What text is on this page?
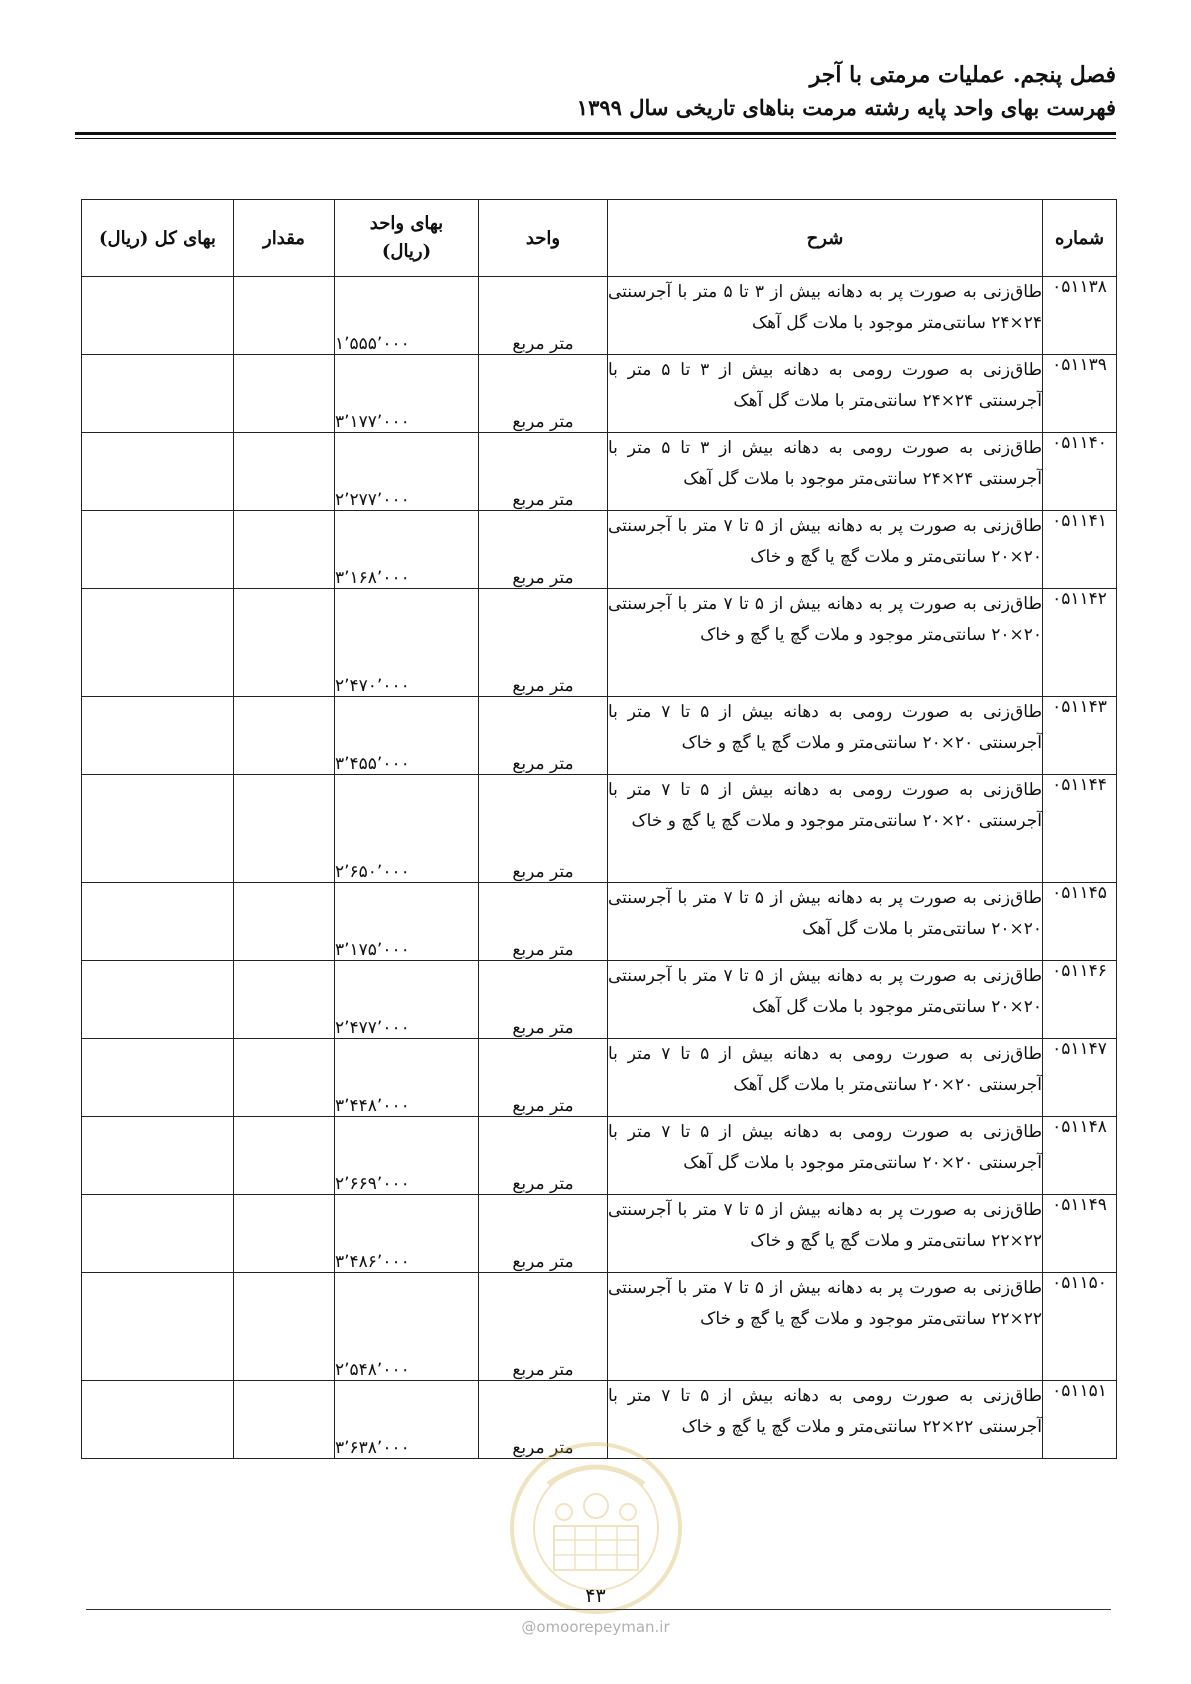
فصل پنجم. عملیات مرمتی با آجر
فهرست بهای واحد پایه رشته مرمت بناهای تاریخی سال ۱۳۹۹
شماره	شرح	واحد	بهای واحد
(ریال)	مقدار	بهای کل (ریال)
۰۵۱۱۳۸	طاق‌زنی به صورت پر به دهانه بیش از ۳ تا ۵ متر با آجرسنتی ۲۴×۲۴ سانتی‌متر موجود با ملات گل آهک	متر مربع	۱٬۵۵۵٬۰۰۰		
۰۵۱۱۳۹	طاق‌زنی به صورت رومی به دهانه بیش از ۳ تا ۵ متر با آجرسنتی ۲۴×۲۴ سانتی‌متر با ملات گل آهک	متر مربع	۳٬۱۷۷٬۰۰۰		
۰۵۱۱۴۰	طاق‌زنی به صورت رومی به دهانه بیش از ۳ تا ۵ متر با آجرسنتی ۲۴×۲۴ سانتی‌متر موجود با ملات گل آهک	متر مربع	۲٬۲۷۷٬۰۰۰		
۰۵۱۱۴۱	طاق‌زنی به صورت پر به دهانه بیش از ۵ تا ۷ متر با آجرسنتی ۲۰×۲۰ سانتی‌متر و ملات گچ یا گچ و خاک	متر مربع	۳٬۱۶۸٬۰۰۰		
۰۵۱۱۴۲	طاق‌زنی به صورت پر به دهانه بیش از ۵ تا ۷ متر با آجرسنتی ۲۰×۲۰ سانتی‌متر موجود و ملات گچ یا گچ و خاک	متر مربع	۲٬۴۷۰٬۰۰۰		
۰۵۱۱۴۳	طاق‌زنی به صورت رومی به دهانه بیش از ۵ تا ۷ متر با آجرسنتی ۲۰×۲۰ سانتی‌متر و ملات گچ یا گچ و خاک	متر مربع	۳٬۴۵۵٬۰۰۰		
۰۵۱۱۴۴	طاق‌زنی به صورت رومی به دهانه بیش از ۵ تا ۷ متر با آجرسنتی ۲۰×۲۰ سانتی‌متر موجود و ملات گچ یا گچ و خاک	متر مربع	۲٬۶۵۰٬۰۰۰		
۰۵۱۱۴۵	طاق‌زنی به صورت پر به دهانه بیش از ۵ تا ۷ متر با آجرسنتی ۲۰×۲۰ سانتی‌متر با ملات گل آهک	متر مربع	۳٬۱۷۵٬۰۰۰		
۰۵۱۱۴۶	طاق‌زنی به صورت پر به دهانه بیش از ۵ تا ۷ متر با آجرسنتی ۲۰×۲۰ سانتی‌متر موجود با ملات گل آهک	متر مربع	۲٬۴۷۷٬۰۰۰		
۰۵۱۱۴۷	طاق‌زنی به صورت رومی به دهانه بیش از ۵ تا ۷ متر با آجرسنتی ۲۰×۲۰ سانتی‌متر با ملات گل آهک	متر مربع	۳٬۴۴۸٬۰۰۰		
۰۵۱۱۴۸	طاق‌زنی به صورت رومی به دهانه بیش از ۵ تا ۷ متر با آجرسنتی ۲۰×۲۰ سانتی‌متر موجود با ملات گل آهک	متر مربع	۲٬۶۶۹٬۰۰۰		
۰۵۱۱۴۹	طاق‌زنی به صورت پر به دهانه بیش از ۵ تا ۷ متر با آجرسنتی ۲۲×۲۲ سانتی‌متر و ملات گچ یا گچ و خاک	متر مربع	۳٬۴۸۶٬۰۰۰		
۰۵۱۱۵۰	طاق‌زنی به صورت پر به دهانه بیش از ۵ تا ۷ متر با آجرسنتی ۲۲×۲۲ سانتی‌متر موجود و ملات گچ یا گچ و خاک	متر مربع	۲٬۵۴۸٬۰۰۰		
۰۵۱۱۵۱	طاق‌زنی به صورت رومی به دهانه بیش از ۵ تا ۷ متر با آجرسنتی ۲۲×۲۲ سانتی‌متر و ملات گچ یا گچ و خاک	متر مربع	۳٬۶۳۸٬۰۰۰		
۴۳
@omoorepeyman.ir
